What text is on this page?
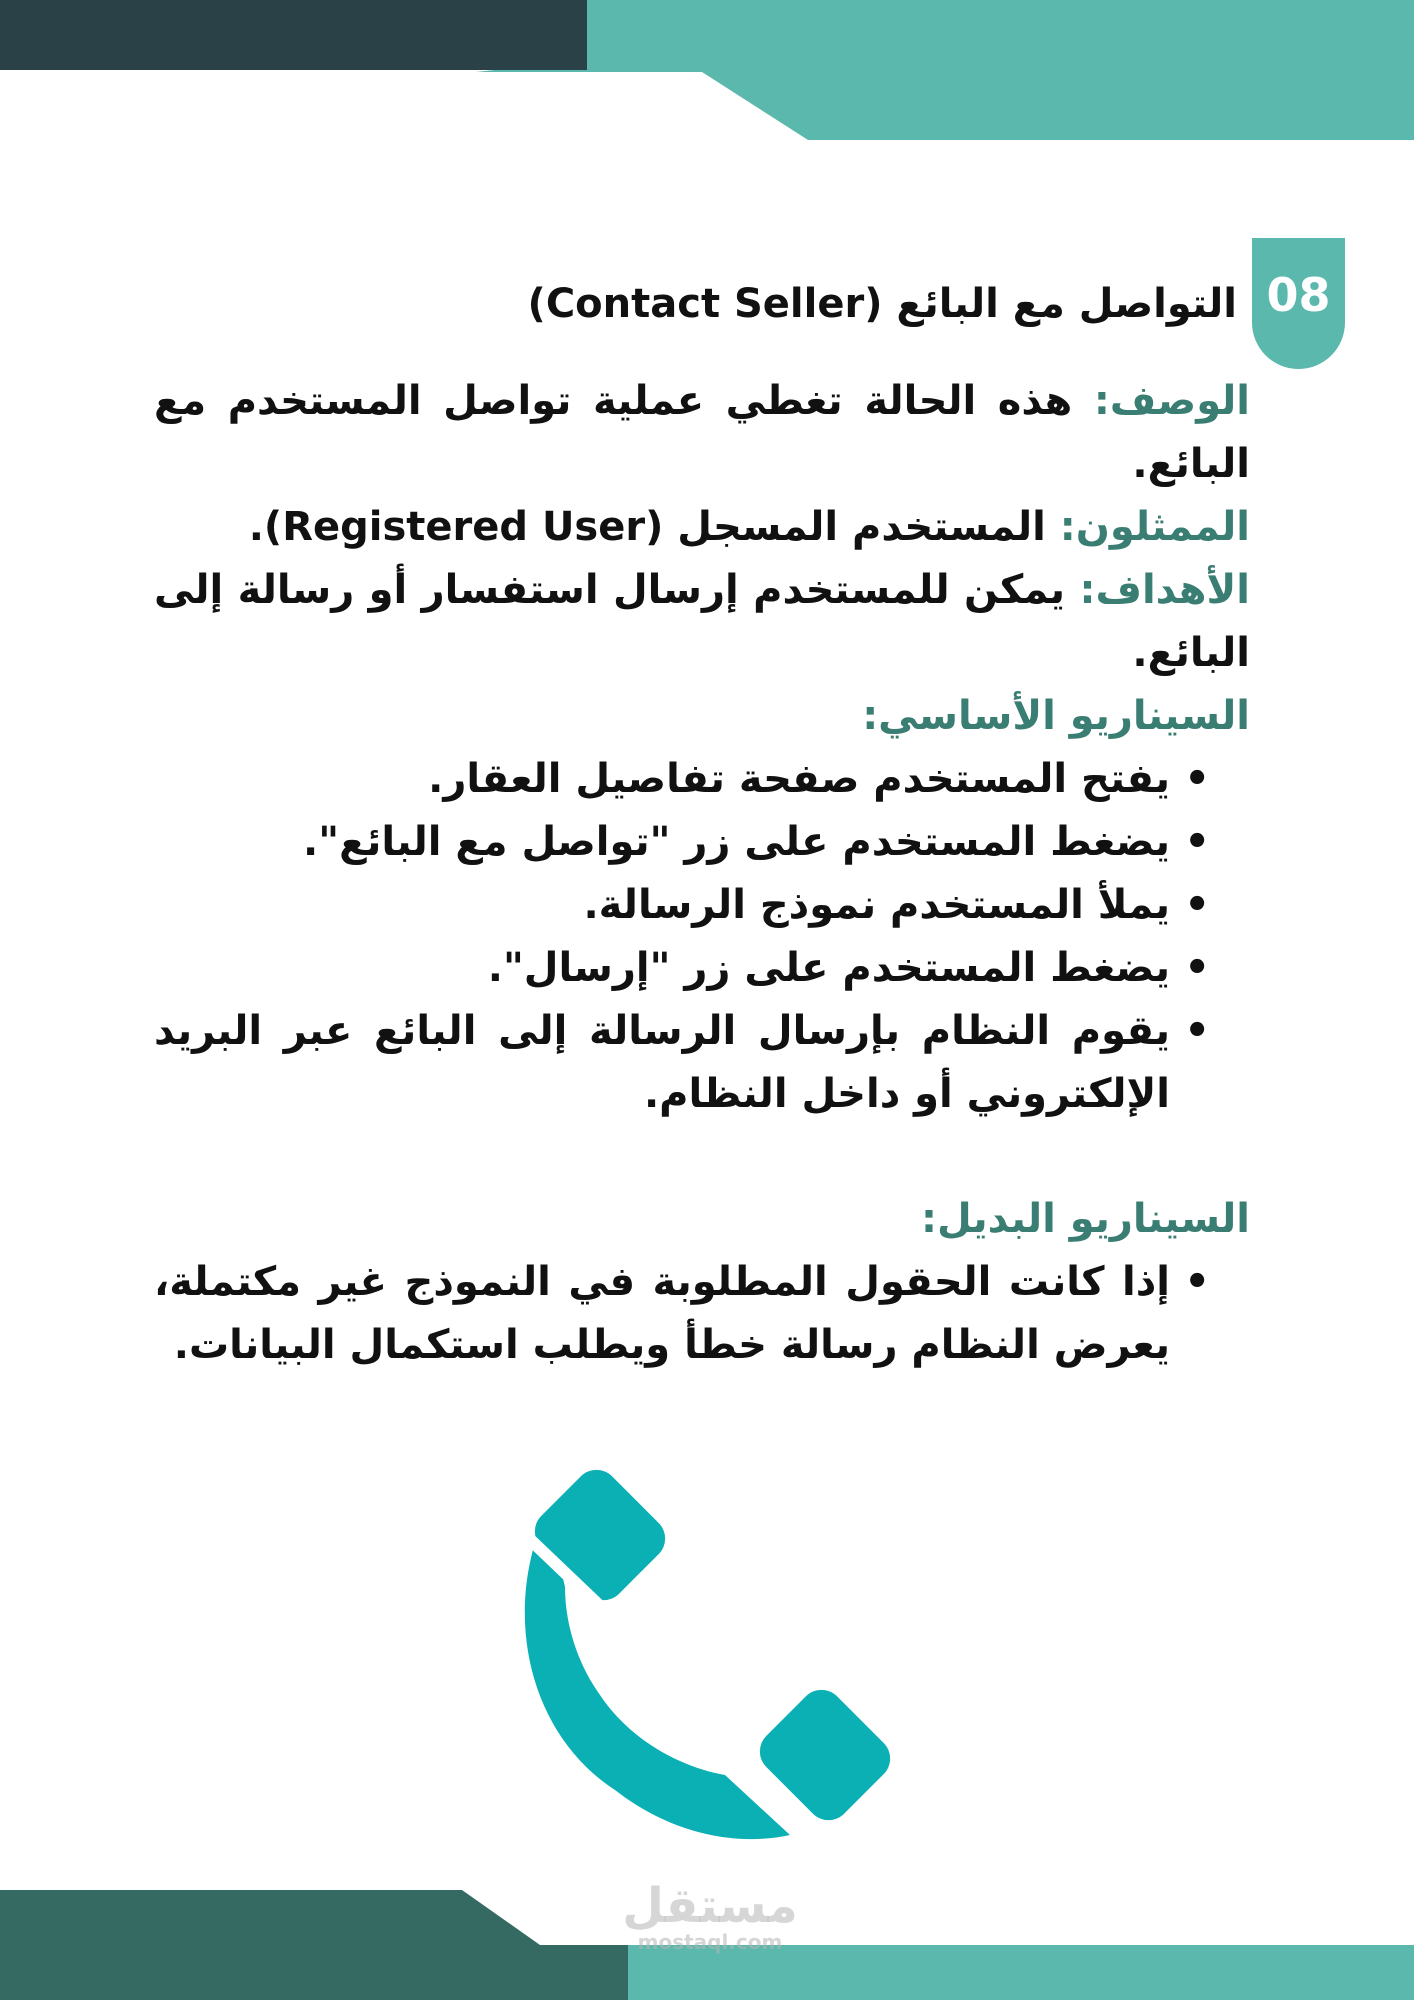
08
التواصل مع البائع (Contact Seller)

الوصف: هذه الحالة تغطي عملية تواصل المستخدم مع البائع.

الممثلون: المستخدم المسجل (Registered User).

الأهداف: يمكن للمستخدم إرسال استفسار أو رسالة إلى البائع.

السيناريو الأساسي:

• يفتح المستخدم صفحة تفاصيل العقار.
• يضغط المستخدم على زر "تواصل مع البائع".
• يملأ المستخدم نموذج الرسالة.
• يضغط المستخدم على زر "إرسال".
• يقوم النظام بإرسال الرسالة إلى البائع عبر البريد الإلكتروني أو داخل النظام.

السيناريو البديل:

• إذا كانت الحقول المطلوبة في النموذج غير مكتملة، يعرض النظام رسالة خطأ ويطلب استكمال البيانات.
مستقل
mostaql.com
